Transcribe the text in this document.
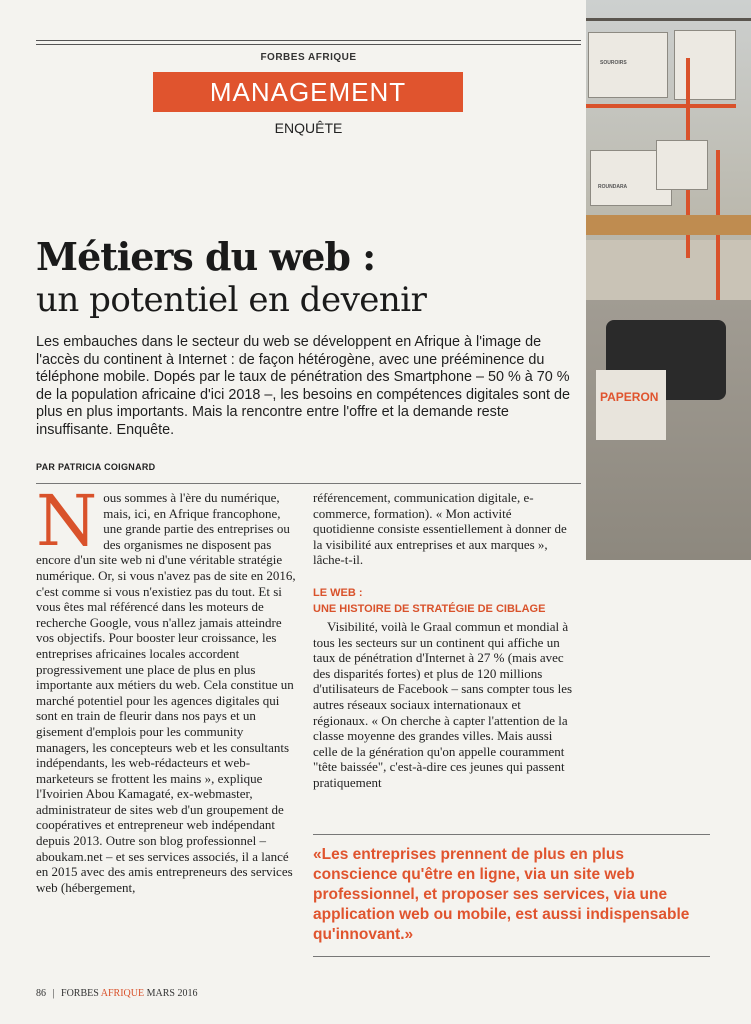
FORBES AFRIQUE
MANAGEMENT
ENQUÊTE
SOUROIRS
ROUNDARA
PAPERON
Métiers du web :
un potentiel en devenir

Les embauches dans le secteur du web se développent en Afrique à l'image de l'accès du continent à Internet : de façon hétérogène, avec une prééminence du téléphone mobile. Dopés par le taux de pénétration des Smartphone – 50 % à 70 % de la population africaine d'ici 2018 –, les besoins en compétences digitales sont de plus en plus importants. Mais la rencontre entre l'offre et la demande reste insuffisante. Enquête.

PAR PATRICIA COIGNARD
N ous sommes à l'ère du numérique, mais, ici, en Afrique francophone, une grande partie des entreprises ou des organismes ne disposent pas encore d'un site web ni d'une véritable stratégie numérique. Or, si vous n'avez pas de site en 2016, c'est comme si vous n'existiez pas du tout. Et si vous êtes mal référencé dans les moteurs de recherche Google, vous n'allez jamais atteindre vos objectifs. Pour booster leur croissance, les entreprises africaines locales accordent progressivement une place de plus en plus importante aux métiers du web. Cela constitue un marché potentiel pour les agences digitales qui sont en train de fleurir dans nos pays et un gisement d'emplois pour les community managers, les concepteurs web et les consultants indépendants, les web-rédacteurs et web-marketeurs se frottent les mains », explique l'Ivoirien Abou Kamagaté, ex-webmaster, administrateur de sites web d'un groupement de coopératives et entrepreneur web indépendant depuis 2013. Outre son blog professionnel – aboukam.net – et ses services associés, il a lancé en 2015 avec des amis entrepreneurs des services web (hébergement,

référencement, communication digitale, e-commerce, formation). « Mon activité quotidienne consiste essentiellement à donner de la visibilité aux entreprises et aux marques », lâche-t-il.

LE WEB :
UNE HISTOIRE DE STRATÉGIE DE CIBLAGE

Visibilité, voilà le Graal commun et mondial à tous les secteurs sur un continent qui affiche un taux de pénétration d'Internet à 27 % (mais avec des disparités fortes) et plus de 120 millions d'utilisateurs de Facebook – sans compter tous les autres réseaux sociaux internationaux et régionaux. « On cherche à capter l'attention de la classe moyenne des grandes villes. Mais aussi celle de la génération qu'on appelle couramment "tête baissée", c'est-à-dire ces jeunes qui passent pratiquement

«Les entreprises prennent de plus en plus conscience qu'être en ligne, via un site web professionnel, et proposer ses services, via une application web ou mobile, est aussi indispensable qu'innovant.»

86 | FORBES AFRIQUE MARS 2016
